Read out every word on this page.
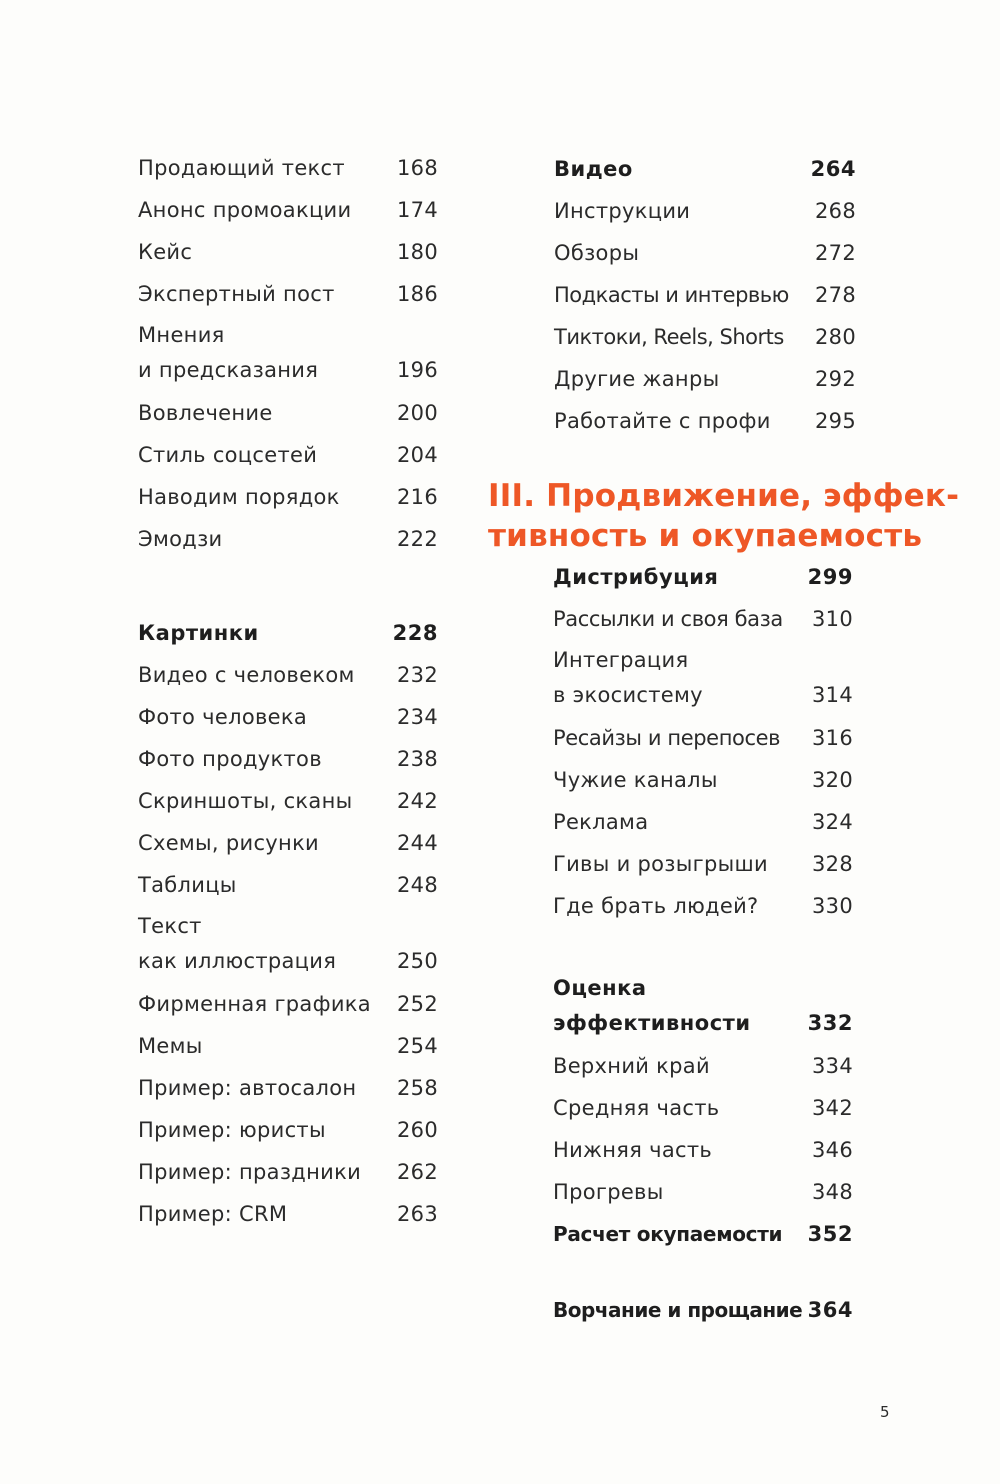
Продающий текст 168
Анонс промоакции 174
Кейс	180
Экспертный пост	186
Мнения
и предсказания	196
Вовлечение	200
Стиль соцсетей	204
Наводим порядок	216
Эмодзи	222
Картинки	228
Видео с человеком 232
Фото человека	234
Фото продуктов	238
Скриншоты, сканы 242
Схемы, рисунки	244
Таблицы	248
Текст
как иллюстрация	250
Фирменная графика 252
Мемы	254
Пример: автосалон 258
Пример: юристы	260
Пример: праздники 262
Пример: CRM	263
Видео	264
Инструкции	268
Обзоры	272
Подкасты и интервью 278
Тиктоки, Reels, Shorts 280
Другие жанры	292
Работайте с профи 295
III. Продвижение, эффек-
тивность и окупаемость
Дистрибуция	299
Рассылки и своя база 310
Интеграция
в экосистему	314
Ресайзы и перепосев 316
Чужие каналы	320
Реклама	324
Гивы и розыгрыши 328
Где брать людей?	330
Оценка
эффективности	332
Верхний край	334
Средняя часть	342
Нижняя часть	346
Прогревы	348
Расчет окупаемости 352
Ворчание и прощание 364
5
